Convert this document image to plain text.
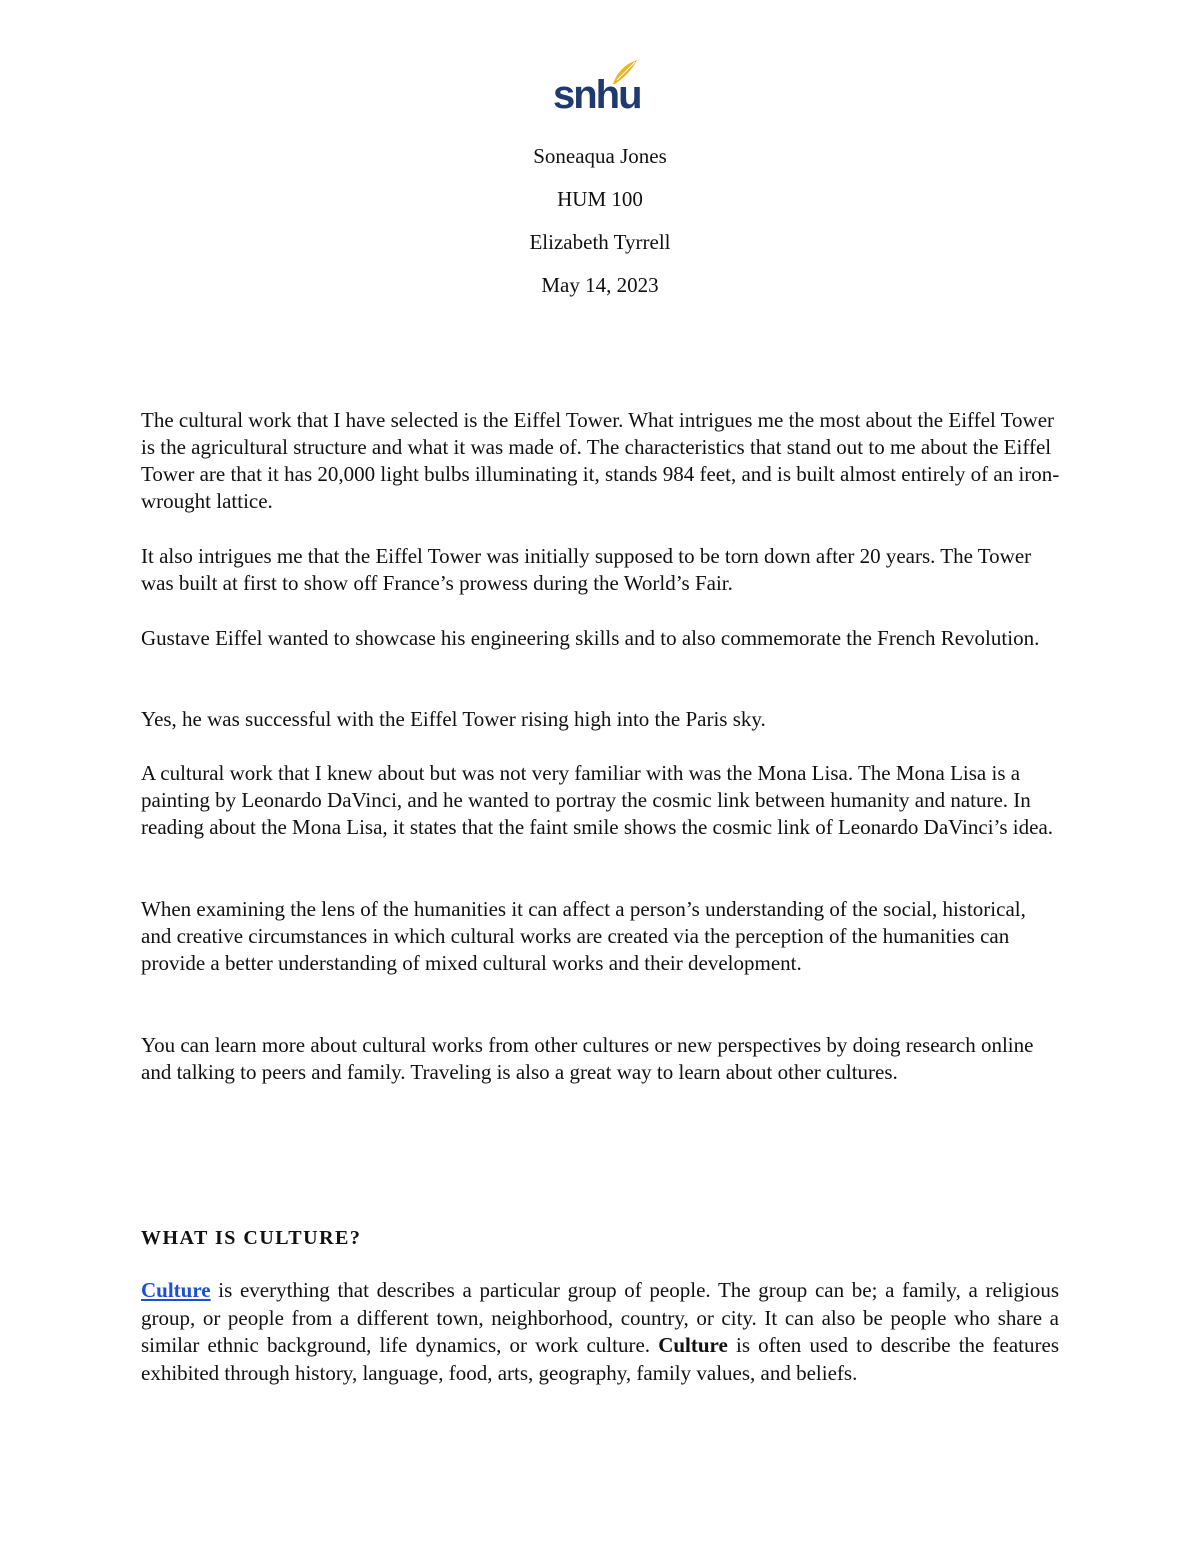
snhu
Soneaqua Jones
HUM 100
Elizabeth Tyrrell
May 14, 2023

The cultural work that I have selected is the Eiffel Tower. What intrigues me the most about the Eiffel Tower is the agricultural structure and what it was made of. The characteristics that stand out to me about the Eiffel Tower are that it has 20,000 light bulbs illuminating it, stands 984 feet, and is built almost entirely of an iron-wrought lattice.

It also intrigues me that the Eiffel Tower was initially supposed to be torn down after 20 years. The Tower was built at first to show off France’s prowess during the World’s Fair.

Gustave Eiffel wanted to showcase his engineering skills and to also commemorate the French Revolution.

Yes, he was successful with the Eiffel Tower rising high into the Paris sky.

A cultural work that I knew about but was not very familiar with was the Mona Lisa. The Mona Lisa is a painting by Leonardo DaVinci, and he wanted to portray the cosmic link between humanity and nature. In reading about the Mona Lisa, it states that the faint smile shows the cosmic link of Leonardo DaVinci’s idea.

When examining the lens of the humanities it can affect a person’s understanding of the social, historical, and creative circumstances in which cultural works are created via the perception of the humanities can provide a better understanding of mixed cultural works and their development.

You can learn more about cultural works from other cultures or new perspectives by doing research online and talking to peers and family. Traveling is also a great way to learn about other cultures.

WHAT IS CULTURE?
Culture is everything that describes a particular group of people. The group can be; a family, a religious group, or people from a different town, neighborhood, country, or city. It can also be people who share a similar ethnic background, life dynamics, or work culture. Culture is often used to describe the features exhibited through history, language, food, arts, geography, family values, and beliefs.
